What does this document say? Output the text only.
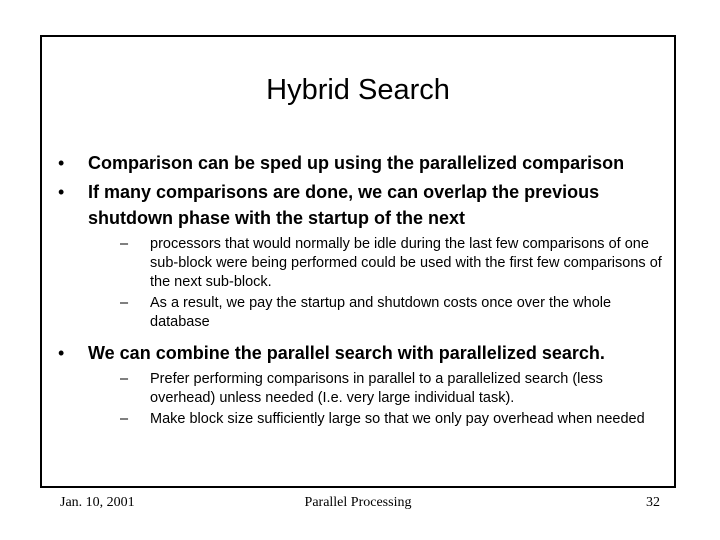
Hybrid Search
• Comparison can be sped up using the parallelized comparison
• If many comparisons are done, we can overlap the previous shutdown phase with the startup of the next
– processors that would normally be idle during the last few comparisons of one sub-block were being performed could be used with the first few comparisons of the next sub-block.
– As a result, we pay the startup and shutdown costs once over the whole database
• We can combine the parallel search with parallelized search.
– Prefer performing comparisons in parallel to a parallelized search (less overhead) unless needed (I.e. very large individual task).
– Make block size sufficiently large so that we only pay overhead when needed
Jan. 10, 2001	Parallel Processing	32
